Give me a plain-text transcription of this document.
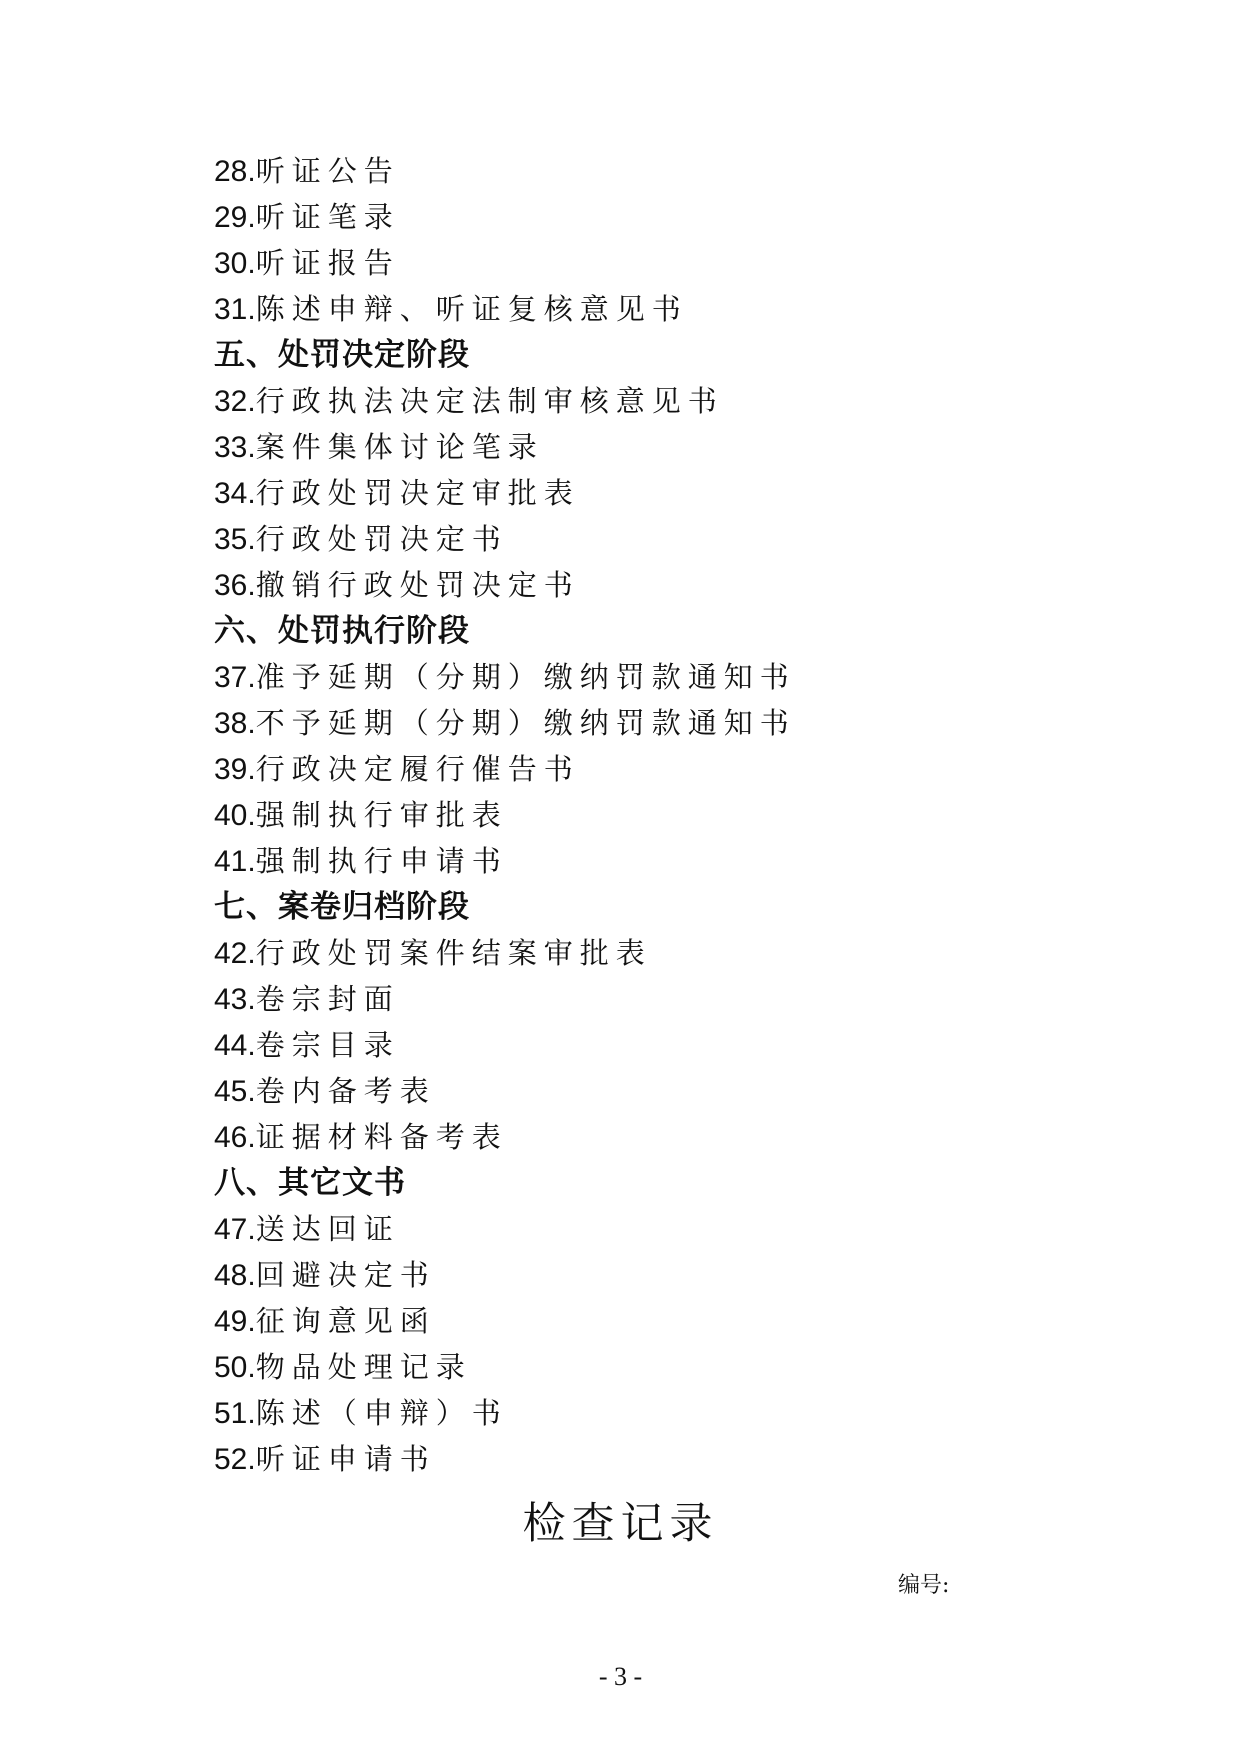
28.听证公告
29.听证笔录
30.听证报告
31.陈述申辩、听证复核意见书
五、处罚决定阶段
32.行政执法决定法制审核意见书
33.案件集体讨论笔录
34.行政处罚决定审批表
35.行政处罚决定书
36.撤销行政处罚决定书
六、处罚执行阶段
37.准予延期（分期）缴纳罚款通知书
38.不予延期（分期）缴纳罚款通知书
39.行政决定履行催告书
40.强制执行审批表
41.强制执行申请书
七、案卷归档阶段
42.行政处罚案件结案审批表
43.卷宗封面
44.卷宗目录
45.卷内备考表
46.证据材料备考表
八、其它文书
47.送达回证
48.回避决定书
49.征询意见函
50.物品处理记录
51.陈述（申辩）书
52.听证申请书
检查记录
编号:
- 3 -
